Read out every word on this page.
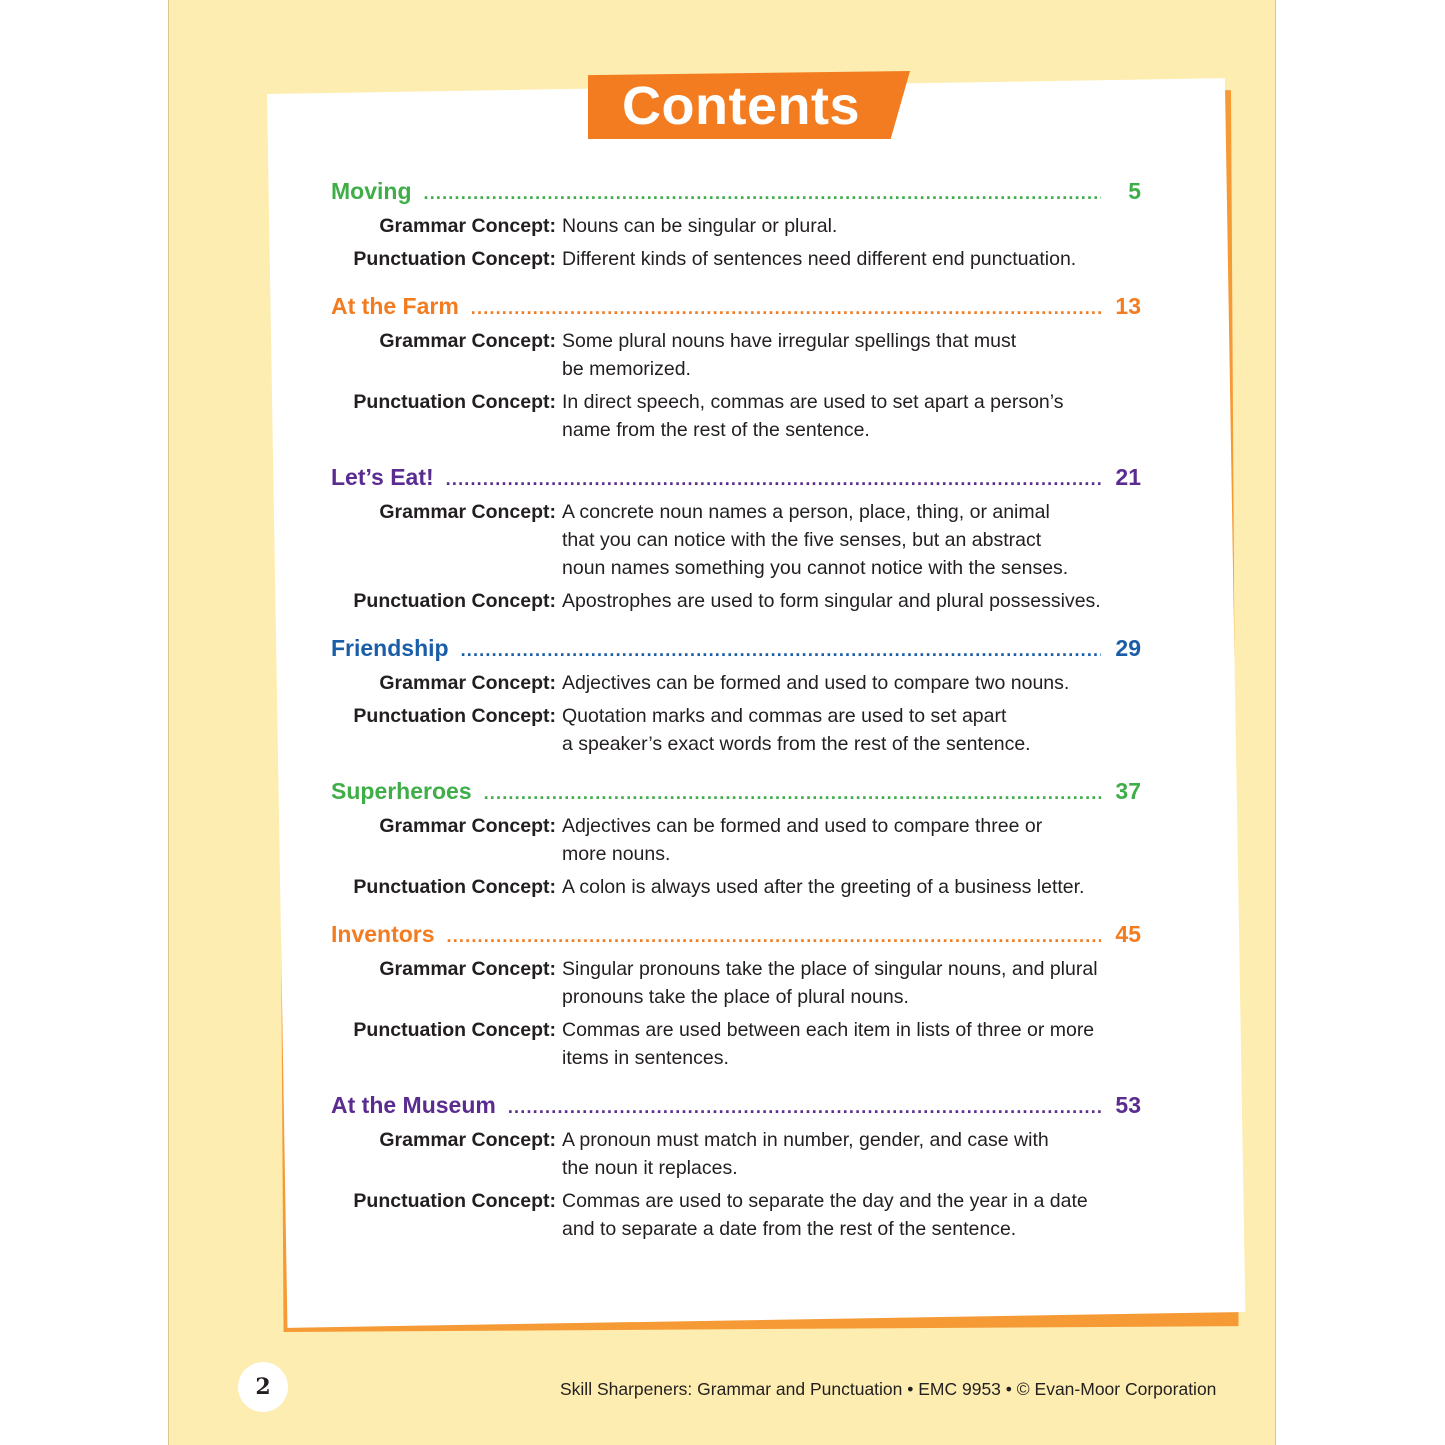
Contents
Moving .....	5
Grammar Concept: Nouns can be singular or plural.
Punctuation Concept: Different kinds of sentences need different end punctuation.
At the Farm .....	13
Grammar Concept: Some plural nouns have irregular spellings that must
be memorized.
Punctuation Concept: In direct speech, commas are used to set apart a person’s
name from the rest of the sentence.
Let’s Eat! .....	21
Grammar Concept: A concrete noun names a person, place, thing, or animal
that you can notice with the five senses, but an abstract
noun names something you cannot notice with the senses.
Punctuation Concept: Apostrophes are used to form singular and plural possessives.
Friendship .....	29
Grammar Concept: Adjectives can be formed and used to compare two nouns.
Punctuation Concept: Quotation marks and commas are used to set apart
a speaker’s exact words from the rest of the sentence.
Superheroes .....	37
Grammar Concept: Adjectives can be formed and used to compare three or
more nouns.
Punctuation Concept: A colon is always used after the greeting of a business letter.
Inventors .....	45
Grammar Concept: Singular pronouns take the place of singular nouns, and plural
pronouns take the place of plural nouns.
Punctuation Concept: Commas are used between each item in lists of three or more
items in sentences.
At the Museum .....	53
Grammar Concept: A pronoun must match in number, gender, and case with
the noun it replaces.
Punctuation Concept: Commas are used to separate the day and the year in a date
and to separate a date from the rest of the sentence.
2	Skill Sharpeners: Grammar and Punctuation • EMC 9953 • © Evan-Moor Corporation
